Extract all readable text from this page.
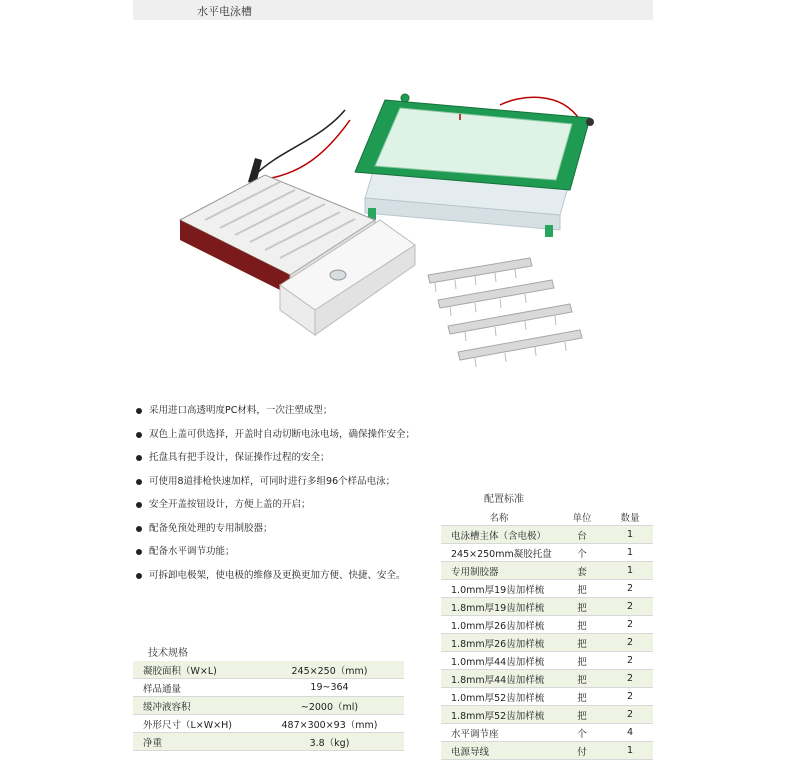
水平电泳槽
采用进口高透明度PC材料，一次注塑成型；
双色上盖可供选择，开盖时自动切断电泳电场，确保操作安全；
托盘具有把手设计，保证操作过程的安全；
可使用8道排枪快速加样，可同时进行多组96个样品电泳；
安全开盖按钮设计，方便上盖的开启；
配备免预处理的专用制胶器；
配备水平调节功能；
可拆卸电极架，使电极的维修及更换更加方便、快捷、安全。
配置标准
名称	单位	数量
电泳槽主体（含电极）	台	1
245×250mm凝胶托盘	个	1
专用制胶器	套	1
1.0mm厚19齿加样梳	把	2
1.8mm厚19齿加样梳	把	2
1.0mm厚26齿加样梳	把	2
1.8mm厚26齿加样梳	把	2
1.0mm厚44齿加样梳	把	2
1.8mm厚44齿加样梳	把	2
1.0mm厚52齿加样梳	把	2
1.8mm厚52齿加样梳	把	2
水平调节座	个	4
电源导线	付	1
技术规格
凝胶面积（W×L)	245×250（mm)
样品通量	19~364
缓冲液容积	~2000（ml)
外形尺寸（L×W×H)	487×300×93（mm)
净重	3.8（kg)
